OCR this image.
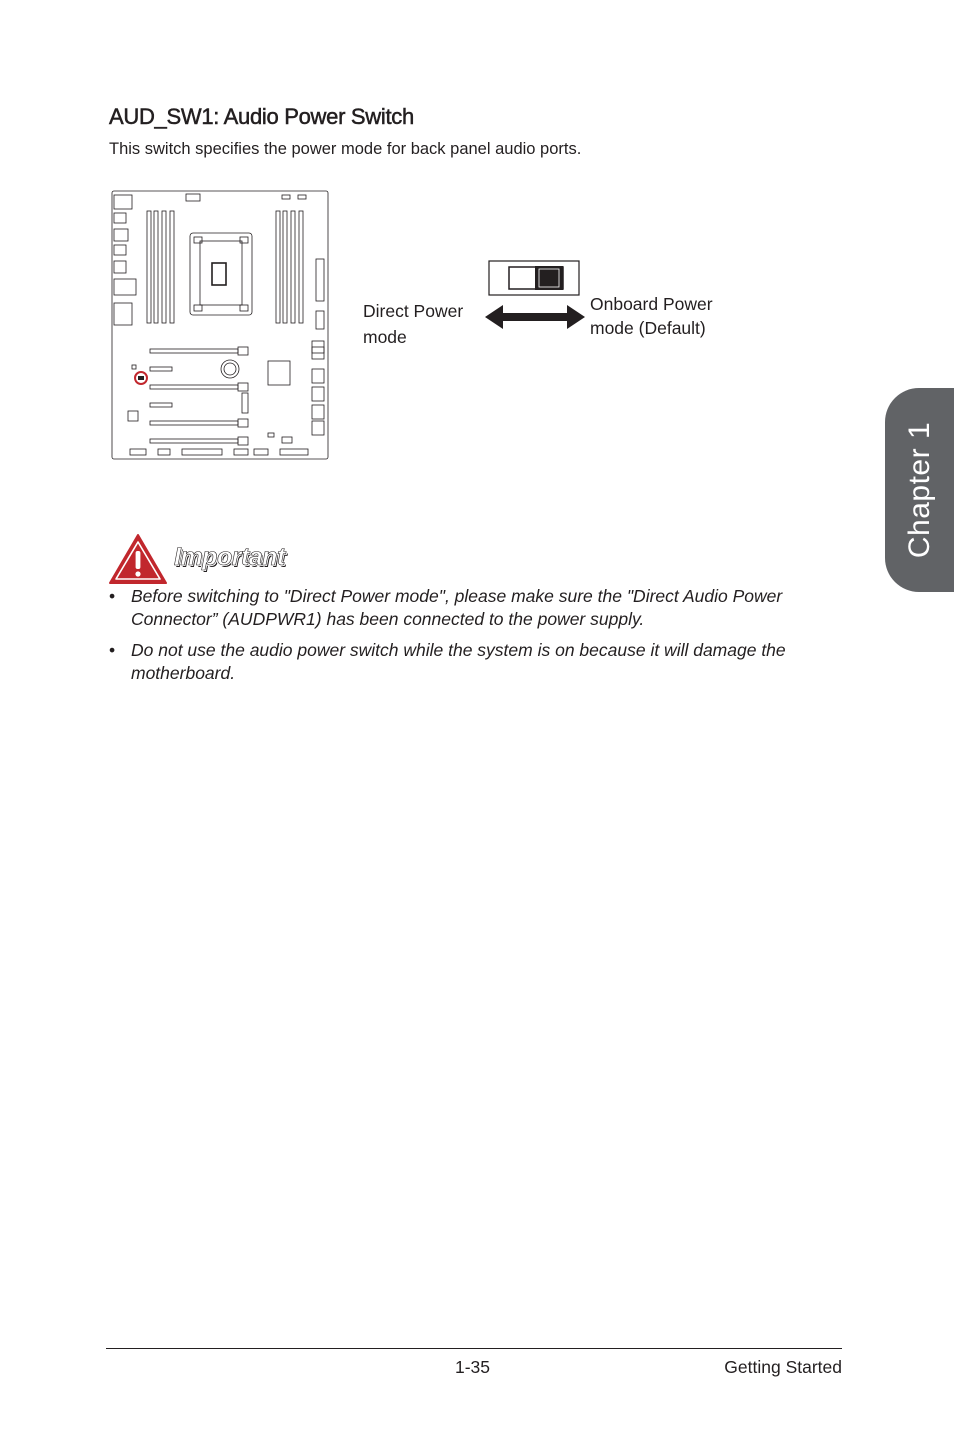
AUD_SW1: Audio Power Switch

This switch specifies the power mode for back panel audio ports.

Direct Power mode

Onboard Power mode (Default)

Important
• Before switching to "Direct Power mode", please make sure the "Direct Audio Power Connector” (AUDPWR1) has been connected to the power supply.
• Do not use the audio power switch while the system is on because it will damage the motherboard.
Chapter 1
1-35	Getting Started
